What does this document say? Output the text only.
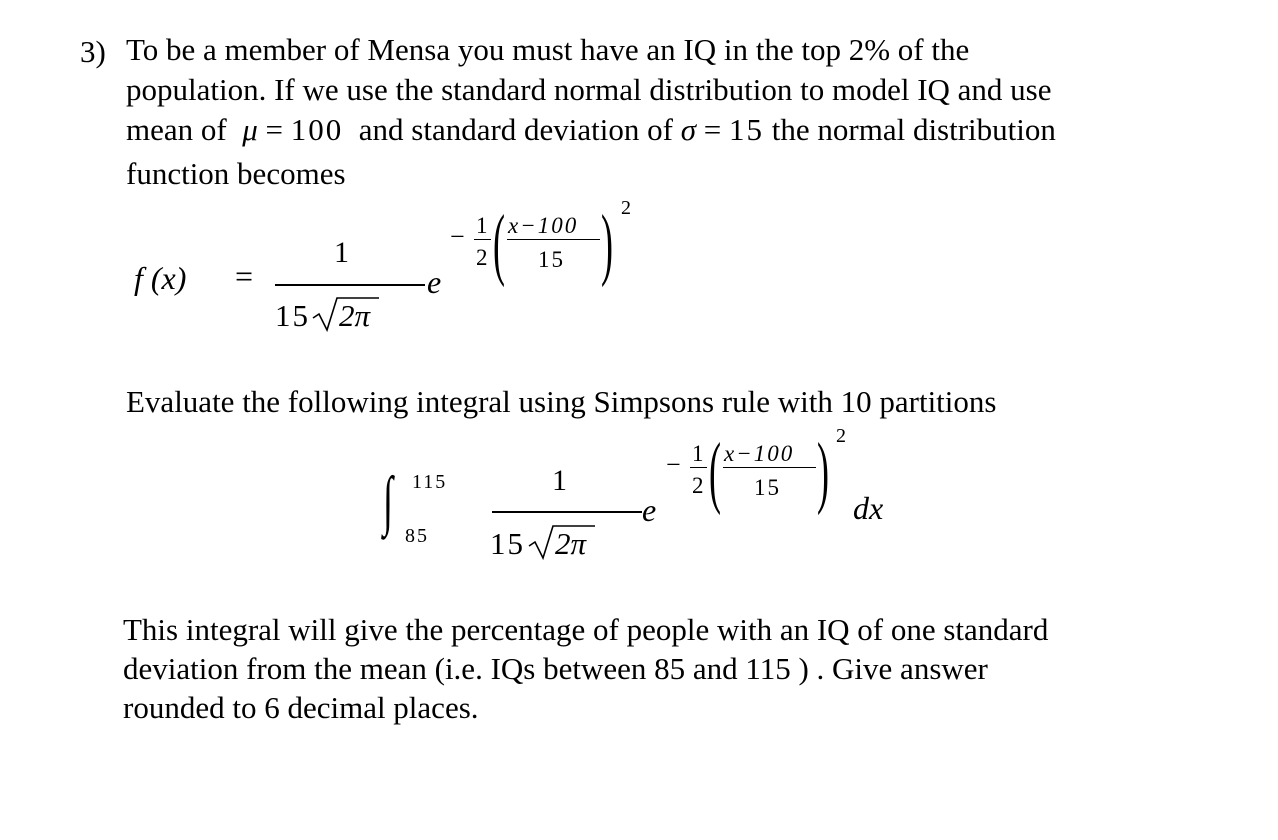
3) To be a member of Mensa you must have an IQ in the top 2% of the
population. If we use the standard normal distribution to model IQ and use
mean of μ = 100 and standard deviation of σ = 15 the normal distribution
function becomes
f (x) =
1
15 2π
e
− 1
2 ( x−100
15 ) 2
Evaluate the following integral using Simpsons rule with 10 partitions
∫ 115
85
1
15 2π
e
− 1
2 ( x−100
15 ) 2
dx
This integral will give the percentage of people with an IQ of one standard
deviation from the mean (i.e. IQs between 85 and 115 ) . Give answer
rounded to 6 decimal places.
